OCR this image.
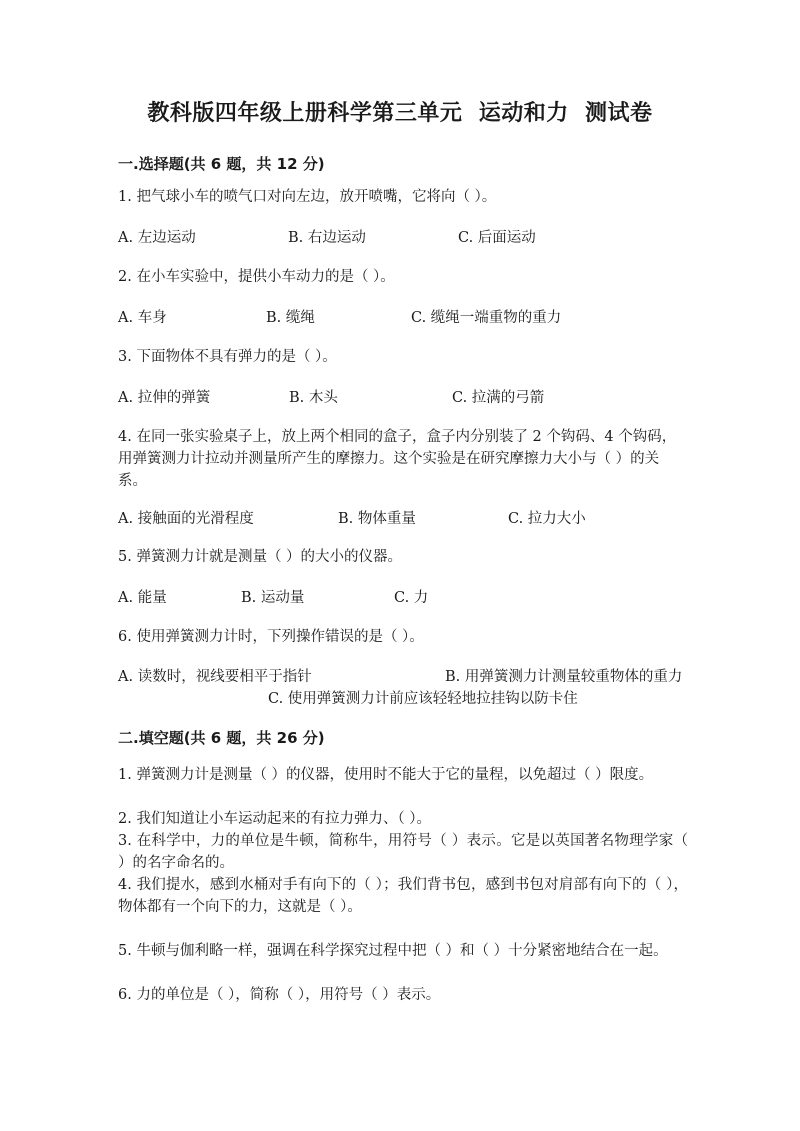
教科版四年级上册科学第三单元  运动和力  测试卷
一.选择题(共 6 题，共 12 分)
1. 把气球小车的喷气口对向左边，放开喷嘴，它将向（ ）。
A. 左边运动	B. 右边运动	C. 后面运动
2. 在小车实验中，提供小车动力的是（ ）。
A. 车身	B. 缆绳	C. 缆绳一端重物的重力
3. 下面物体不具有弹力的是（ ）。
A. 拉伸的弹簧	B. 木头	C. 拉满的弓箭
4. 在同一张实验桌子上，放上两个相同的盒子，盒子内分别装了 2 个钩码、4 个钩码，用弹簧测力计拉动并测量所产生的摩擦力。这个实验是在研究摩擦力大小与（ ）的关系。
A. 接触面的光滑程度	B. 物体重量	C. 拉力大小
5. 弹簧测力计就是测量（ ）的大小的仪器。
A. 能量	B. 运动量	C. 力
6. 使用弹簧测力计时，下列操作错误的是（ ）。
A. 读数时，视线要相平于指针	B. 用弹簧测力计测量较重物体的重力
C. 使用弹簧测力计前应该轻轻地拉挂钩以防卡住
二.填空题(共 6 题，共 26 分)
1. 弹簧测力计是测量（ ）的仪器，使用时不能大于它的量程，以免超过（ ）限度。
2. 我们知道让小车运动起来的有拉力弹力、（ ）。
3. 在科学中，力的单位是牛顿，简称牛，用符号（ ）表示。它是以英国著名物理学家（ ）的名字命名的。
4. 我们提水，感到水桶对手有向下的（ ）；我们背书包，感到书包对肩部有向下的（ ），物体都有一个向下的力，这就是（ ）。
5. 牛顿与伽利略一样，强调在科学探究过程中把（ ）和（ ）十分紧密地结合在一起。
6. 力的单位是（ ），简称（ ），用符号（ ）表示。
